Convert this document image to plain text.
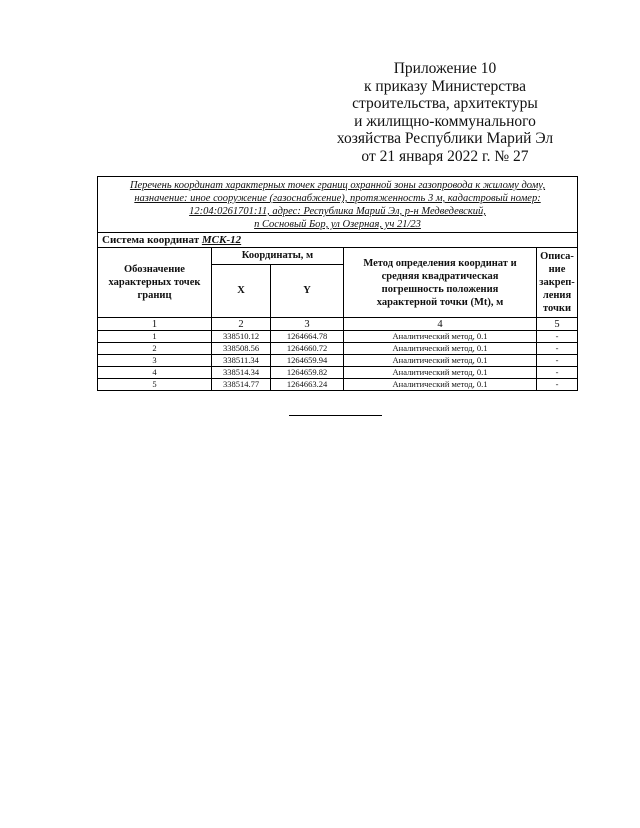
Приложение 10
к приказу Министерства
строительства, архитектуры
и жилищно-коммунального
хозяйства Республики Марий Эл
от 21 января 2022 г. № 27
Перечень координат характерных точек границ охранной зоны газопровода к жилому дому,
назначение: иное сооружение (газоснабжение), протяженность 3 м, кадастровый номер:
12:04:0261701:11, адрес: Республика Марий Эл, р-н Медведевский,
п Сосновый Бор, ул Озерная, уч 21/23				

Система координат МСК-12				
Обозначение характерных точек границ	Координаты, м		Метод определения координат и средняя квадратическая погрешность положения характерной точки (Mt), м	Описа-ние закреп-ления точки
	X	Y		
1	2	3	4	5
1	338510.12	1264664.78	Аналитический метод, 0.1	-
2	338508.56	1264660.72	Аналитический метод, 0.1	-
3	338511.34	1264659.94	Аналитический метод, 0.1	-
4	338514.34	1264659.82	Аналитический метод, 0.1	-
5	338514.77	1264663.24	Аналитический метод, 0.1	-
